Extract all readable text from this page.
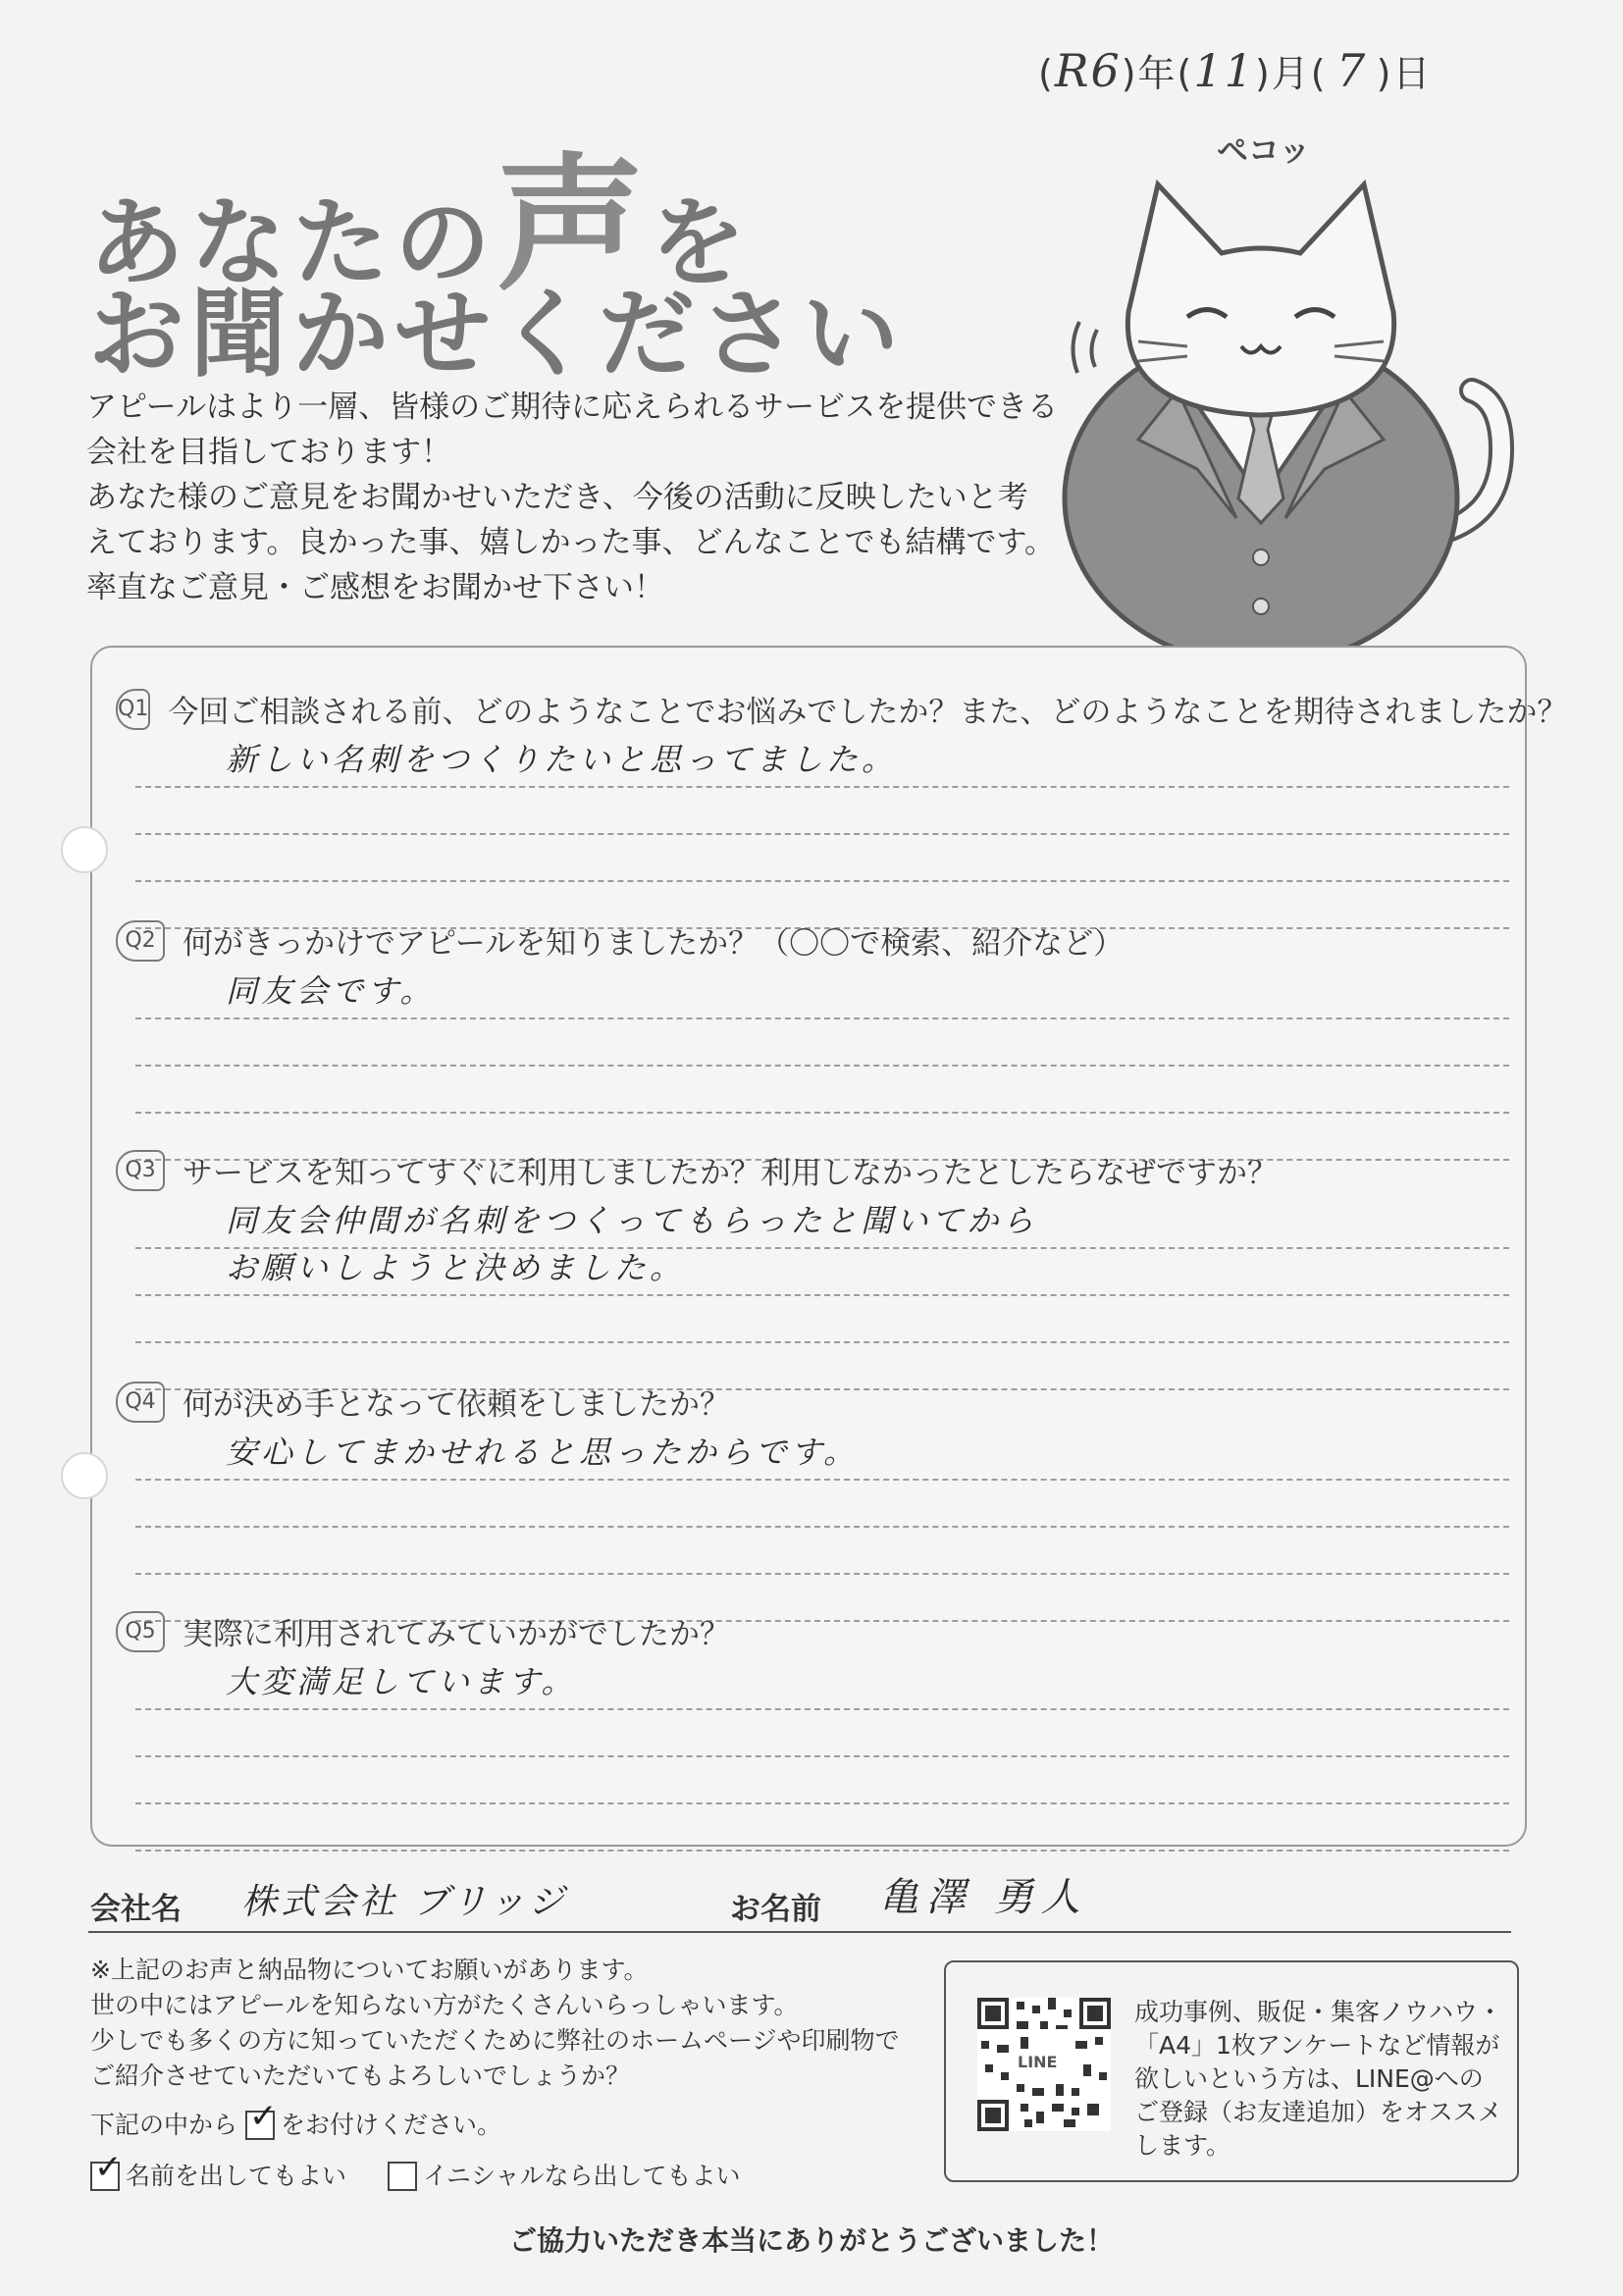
(R6)年(11)月( 7 )日
あなたの声を
お聞かせください

アピールはより一層、皆様のご期待に応えられるサービスを提供できる

会社を目指しております！

あなた様のご意見をお聞かせいただき、今後の活動に反映したいと考

えております。良かった事、嬉しかった事、どんなことでも結構です。

率直なご意見・ご感想をお聞かせ下さい！

ペコッ
Q1 今回ご相談される前、どのようなことでお悩みでしたか？また、どのようなことを期待されましたか？
新しい名刺をつくりたいと思ってました。
Q2 何がきっかけでアピールを知りましたか？（〇〇で検索、紹介など）
同友会です。
Q3 サービスを知ってすぐに利用しましたか？利用しなかったとしたらなぜですか？
同友会仲間が名刺をつくってもらったと聞いてから
お願いしようと決めました。
Q4 何が決め手となって依頼をしましたか？
安心してまかせれると思ったからです。
Q5 実際に利用されてみていかがでしたか？
大変満足しています。
会社名 株式会社 ブリッジ	お名前 亀澤 勇人

※上記のお声と納品物についてお願いがあります。

世の中にはアピールを知らない方がたくさんいらっしゃいます。

少しでも多くの方に知っていただくために弊社のホームページや印刷物で

ご紹介させていただいてもよろしいでしょうか？

下記の中から ✓ をお付けください。
✓ 名前を出してもよい	イニシャルなら出してもよい
LINE

成功事例、販促・集客ノウハウ・

「A4」1枚アンケートなど情報が

欲しいという方は、LINE@への

ご登録（お友達追加）をオススメ

します。

ご協力いただき本当にありがとうございました！
